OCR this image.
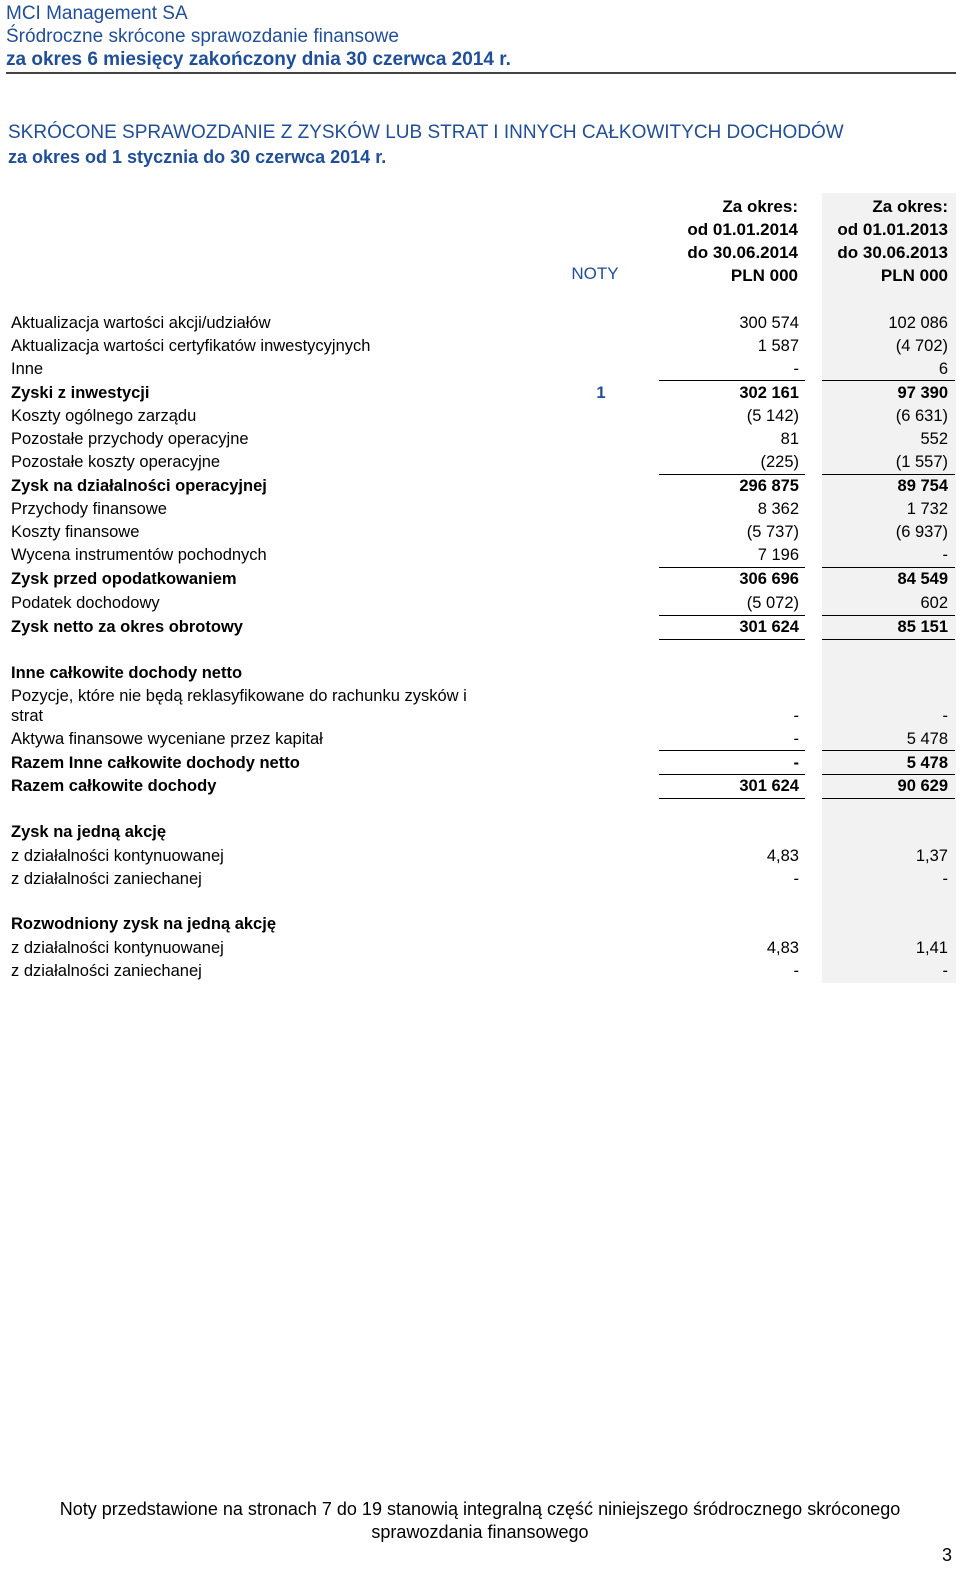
MCI Management SA
Śródroczne skrócone sprawozdanie finansowe
za okres 6 miesięcy zakończony dnia 30 czerwca 2014 r.
SKRÓCONE SPRAWOZDANIE Z ZYSKÓW LUB STRAT I INNYCH CAŁKOWITYCH DOCHODÓW
za okres od 1 stycznia do 30 czerwca 2014 r.
Za okres:
od 01.01.2014
do 30.06.2014
PLN 000
Za okres:
od 01.01.2013
do 30.06.2013
PLN 000
NOTY
Aktualizacja wartości akcji/udziałów	300 574	102 086
Aktualizacja wartości certyfikatów inwestycyjnych	1 587	(4 702)
Inne	-	6
Zyski z inwestycji	1	302 161	97 390
Koszty ogólnego zarządu	(5 142)	(6 631)
Pozostałe przychody operacyjne	81	552
Pozostałe koszty operacyjne	(225)	(1 557)
Zysk na działalności operacyjnej	296 875	89 754
Przychody finansowe	8 362	1 732
Koszty finansowe	(5 737)	(6 937)
Wycena instrumentów pochodnych	7 196	-
Zysk przed opodatkowaniem	306 696	84 549
Podatek dochodowy	(5 072)	602
Zysk netto za okres obrotowy	301 624	85 151
Inne całkowite dochody netto
Pozycje, które nie będą reklasyfikowane do rachunku zysków i
strat	-	-
Aktywa finansowe wyceniane przez kapitał	-	5 478
Razem Inne całkowite dochody netto	-	5 478
Razem całkowite dochody	301 624	90 629
Zysk na jedną akcję
z działalności kontynuowanej	4,83	1,37
z działalności zaniechanej	-	-
Rozwodniony zysk na jedną akcję
z działalności kontynuowanej	4,83	1,41
z działalności zaniechanej	-	-
Noty przedstawione na stronach 7 do 19 stanowią integralną część niniejszego śródrocznego skróconego
sprawozdania finansowego
3
